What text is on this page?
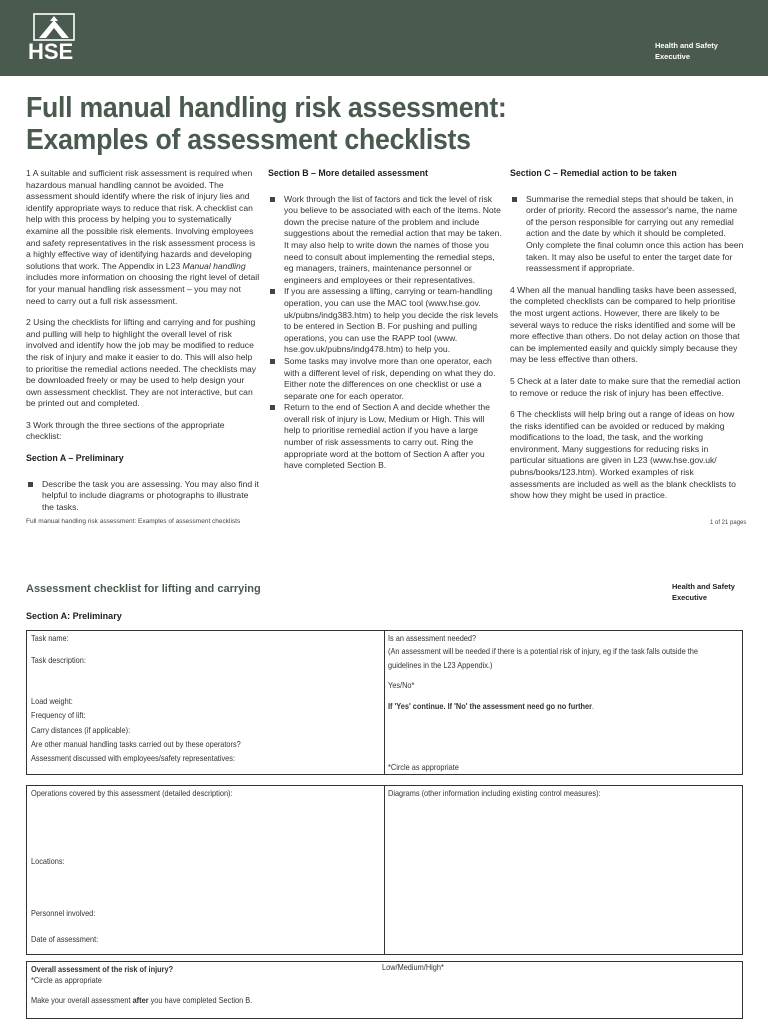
HSE	Health and Safety
Executive
Full manual handling risk assessment:
Examples of assessment checklists

1 A suitable and sufficient risk assessment is required when hazardous manual handling cannot be avoided. The assessment should identify where the risk of injury lies and identify appropriate ways to reduce that risk. A checklist can help with this process by helping you to systematically examine all the possible risk elements. Involving employees and safety representatives in the risk assessment process is a highly effective way of identifying hazards and developing solutions that work. The Appendix in L23 Manual handling includes more information on choosing the right level of detail for your manual handling risk assessment – you may not need to carry out a full risk assessment.

2 Using the checklists for lifting and carrying and for pushing and pulling will help to highlight the overall level of risk involved and identify how the job may be modified to reduce the risk of injury and make it easier to do. This will also help to prioritise the remedial actions needed. The checklists may be downloaded freely or may be used to help design your own assessment checklist. They are not interactive, but can be printed out and completed.

3 Work through the three sections of the appropriate checklist:

Section A – Preliminary
Describe the task you are assessing. You may also find it helpful to include diagrams or photographs to illustrate the tasks.
Section B – More detailed assessment
Work through the list of factors and tick the level of risk you believe to be associated with each of the items. Note down the precise nature of the problem and include suggestions about the remedial action that may be taken. It may also help to write down the names of those you need to consult about implementing the remedial steps, eg managers, trainers, maintenance personnel or engineers and employees or their representatives.
If you are assessing a lifting, carrying or team-handling operation, you can use the MAC tool (www.hse.gov. uk/pubns/indg383.htm) to help you decide the risk levels to be entered in Section B. For pushing and pulling operations, you can use the RAPP tool (www. hse.gov.uk/pubns/indg478.htm) to help you.
Some tasks may involve more than one operator, each with a different level of risk, depending on what they do. Either note the differences on one checklist or use a separate one for each operator.
Return to the end of Section A and decide whether the overall risk of injury is Low, Medium or High. This will help to prioritise remedial action if you have a large number of risk assessments to carry out. Ring the appropriate word at the bottom of Section A after you have completed Section B.
Section C – Remedial action to be taken
Summarise the remedial steps that should be taken, in order of priority. Record the assessor's name, the name of the person responsible for carrying out any remedial action and the date by which it should be completed. Only complete the final column once this action has been taken. It may also be useful to enter the target date for reassessment if appropriate.

4 When all the manual handling tasks have been assessed, the completed checklists can be compared to help prioritise the most urgent actions. However, there are likely to be several ways to reduce the risks identified and some will be more effective than others. Do not delay action on those that can be implemented easily and quickly simply because they may be less effective than others.

5 Check at a later date to make sure that the remedial action to remove or reduce the risk of injury has been effective.

6 The checklists will help bring out a range of ideas on how the risks identified can be avoided or reduced by making modifications to the load, the task, and the working environment. Many suggestions for reducing risks in particular situations are given in L23 (www.hse.gov.uk/ pubns/books/123.htm). Worked examples of risk assessments are included as well as the blank checklists to show how they might be used in practice.

Full manual handling risk assessment: Examples of assessment checklists	1 of 21 pages
Assessment checklist for lifting and carrying	Health and Safety
Executive
Section A: Preliminary
Task name:
Task description:
Load weight:
Frequency of lift:
Carry distances (if applicable):
Are other manual handling tasks carried out by these operators?
Assessment discussed with employees/safety representatives:
Is an assessment needed?
(An assessment will be needed if there is a potential risk of injury, eg if the task falls outside the
guidelines in the L23 Appendix.)
Yes/No*
If 'Yes' continue. If 'No' the assessment need go no further.
*Circle as appropriate
Operations covered by this assessment (detailed description):
Locations:
Personnel involved:
Date of assessment:
Diagrams (other information including existing control measures):
Overall assessment of the risk of injury?	Low/Medium/High*
*Circle as appropriate
Make your overall assessment after you have completed Section B.
